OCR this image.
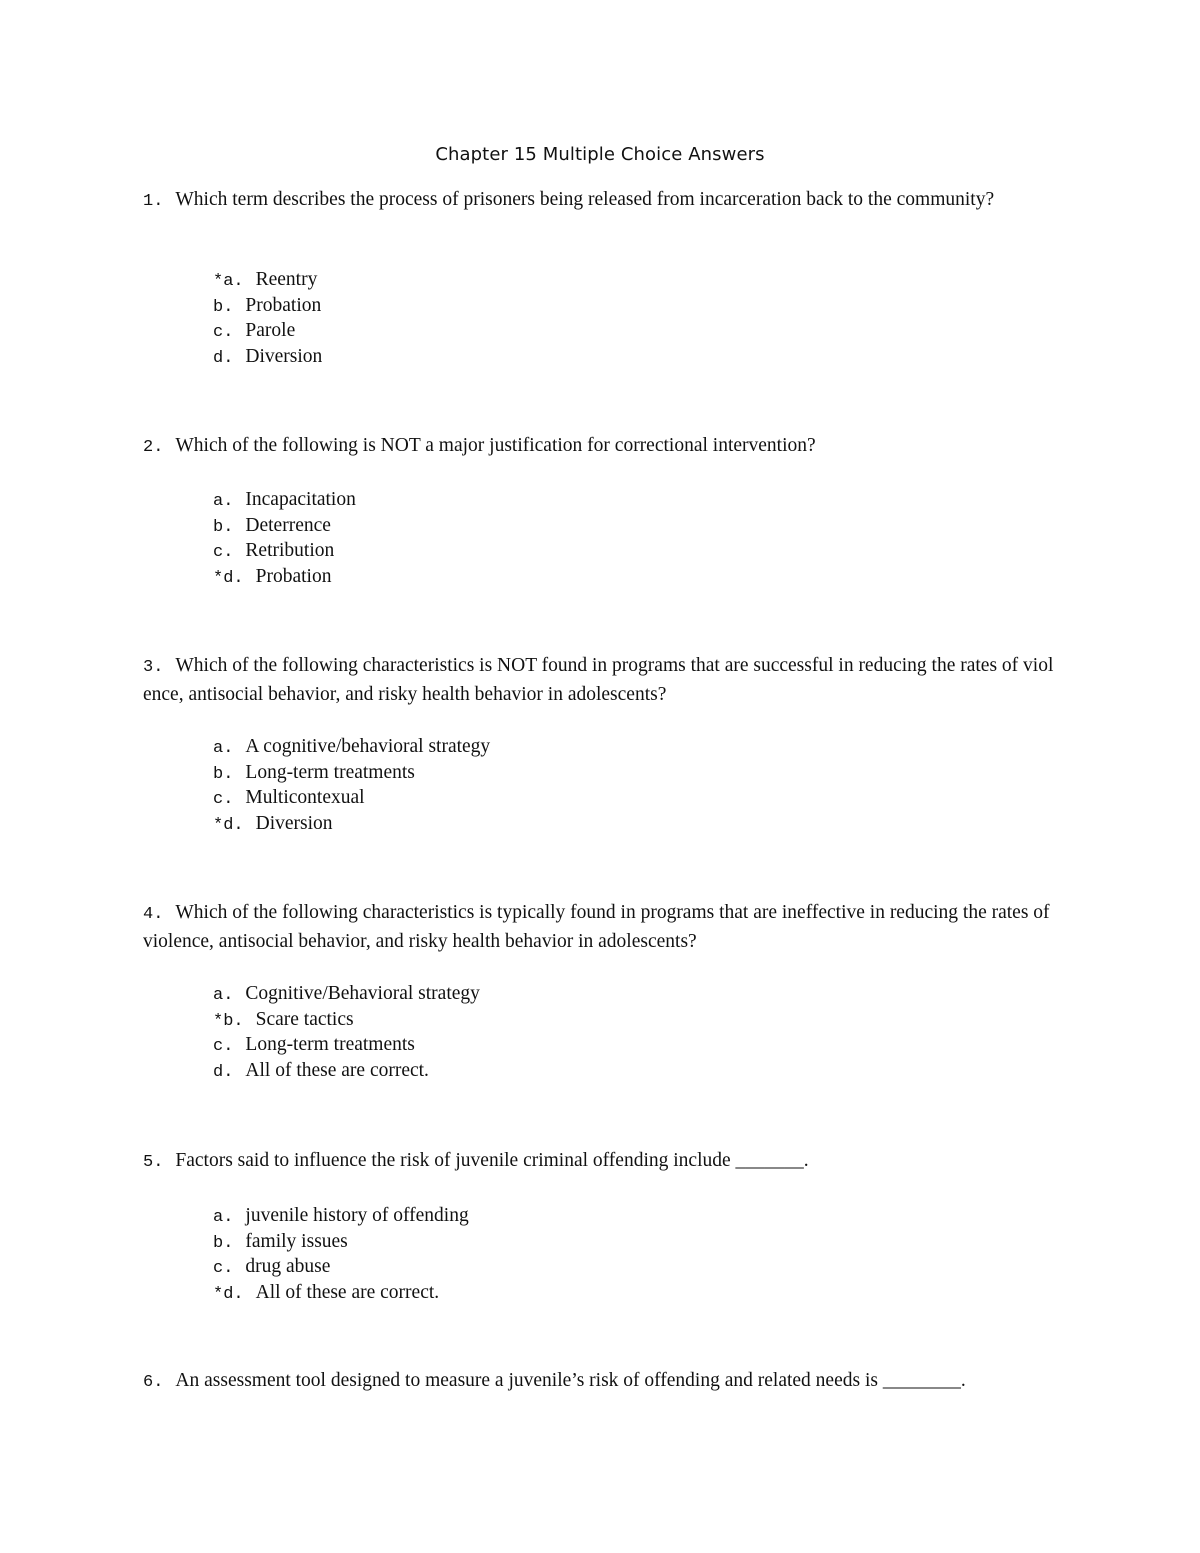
Chapter 15 Multiple Choice Answers
1. Which term describes the process of prisoners being released from incarceration back to the community?
*a. Reentry
b. Probation
c. Parole
d. Diversion
2. Which of the following is NOT a major justification for correctional intervention?
a. Incapacitation
b. Deterrence
c. Retribution
*d. Probation
3. Which of the following characteristics is NOT found in programs that are successful in reducing the rates of violence, antisocial behavior, and risky health behavior in adolescents?
a. A cognitive/behavioral strategy
b. Long-term treatments
c. Multicontexual
*d. Diversion
4. Which of the following characteristics is typically found in programs that are ineffective in reducing the rates of violence, antisocial behavior, and risky health behavior in adolescents?
a. Cognitive/Behavioral strategy
*b. Scare tactics
c. Long-term treatments
d. All of these are correct.
5. Factors said to influence the risk of juvenile criminal offending include _______.
a. juvenile history of offending
b. family issues
c. drug abuse
*d. All of these are correct.
6. An assessment tool designed to measure a juvenile’s risk of offending and related needs is ________.
